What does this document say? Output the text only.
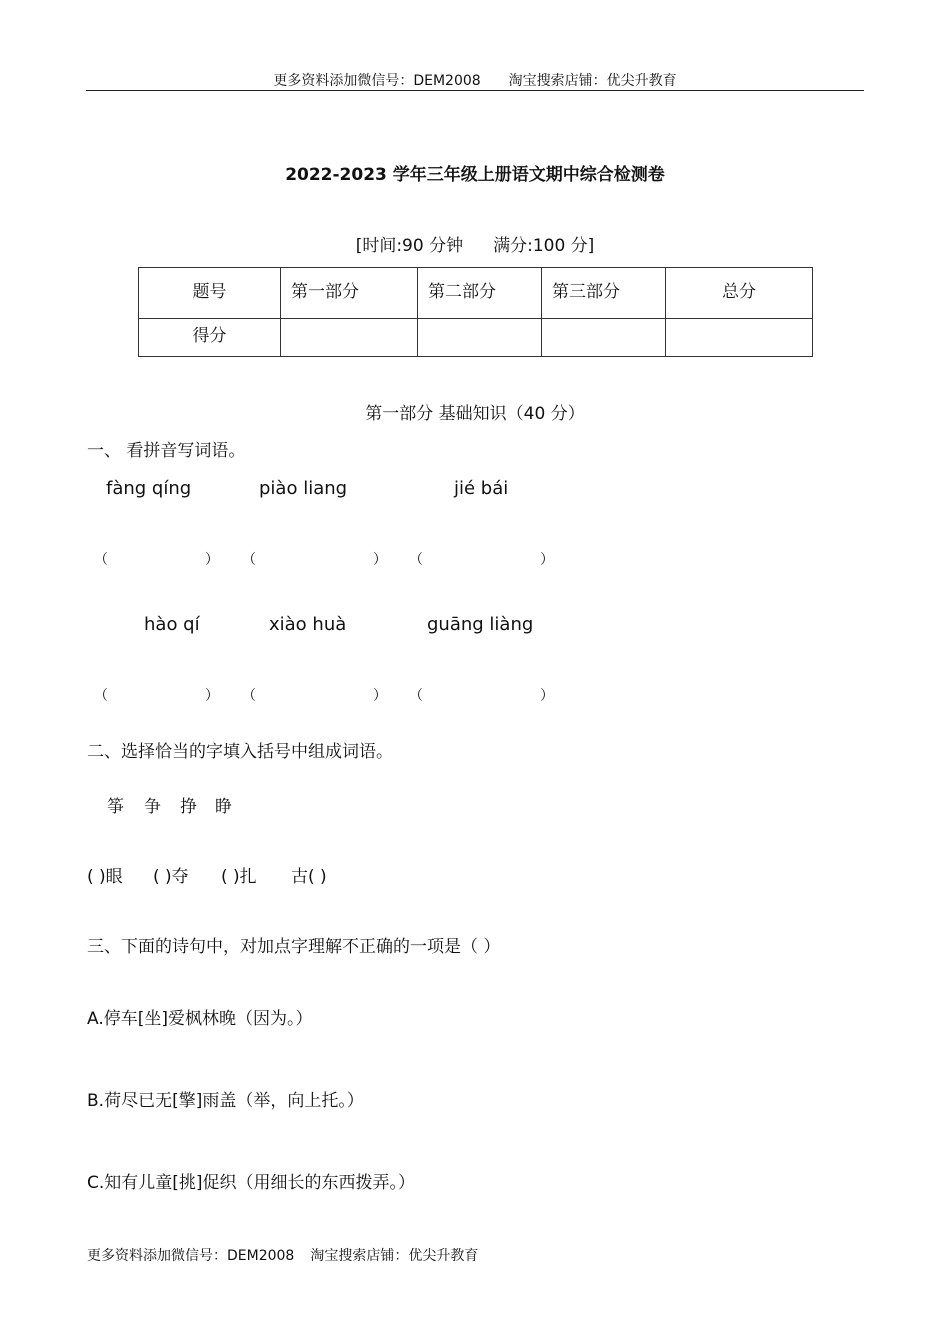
更多资料添加微信号：DEM2008 淘宝搜索店铺：优尖升教育
2022-2023 学年三年级上册语文期中综合检测卷
[时间:90 分钟 满分:100 分]
题号	第一部分	第二部分	第三部分	总分

得分				

第一部分 基础知识（40 分）
一、 看拼音写词语。
fàng qíng	piào liang	jié bái
（	） （	） （	）
hào qí	xiào huà	guāng liàng
（	） （	） （	）
二、选择恰当的字填入括号中组成词语。
筝 争 挣 睁
( )眼 ( )夺 ( )扎 古( )
三、下面的诗句中，对加点字理解不正确的一项是（ ）
A.停车[坐]爱枫林晚（因为。）
B.荷尽已无[擎]雨盖（举，向上托。）
C.知有儿童[挑]促织（用细长的东西拨弄。）
更多资料添加微信号：DEM2008 淘宝搜索店铺：优尖升教育
